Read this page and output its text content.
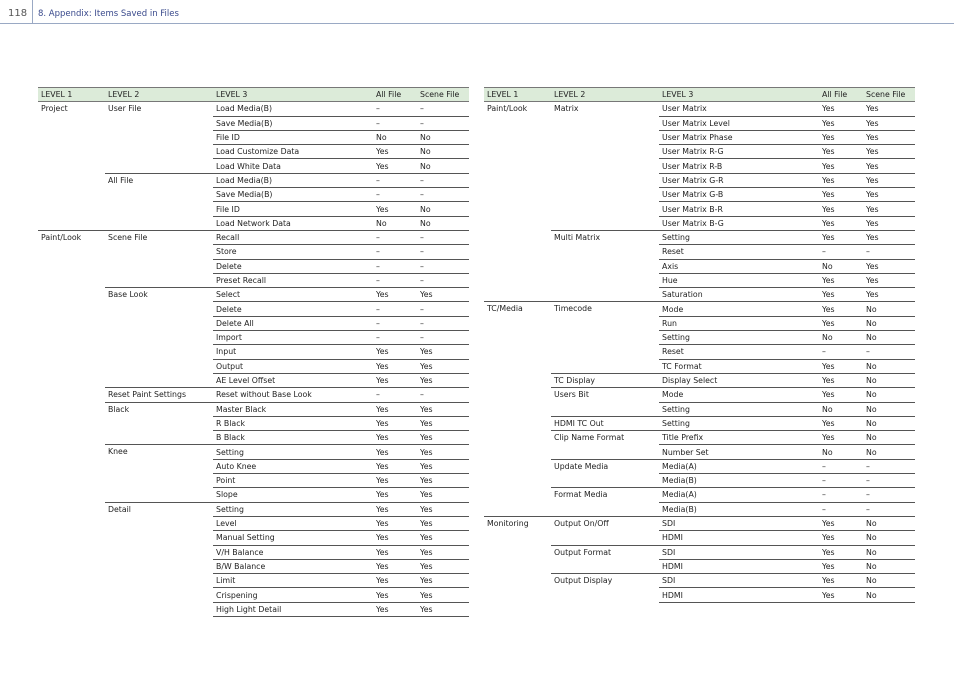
118 8. Appendix: Items Saved in Files
LEVEL 1	LEVEL 2	LEVEL 3	All File	Scene File
Project	User File	Load Media(B)	–	–
		Save Media(B)	–	–
		File ID	No	No
		Load Customize Data	Yes	No
		Load White Data	Yes	No
	All File	Load Media(B)	–	–
		Save Media(B)	–	–
		File ID	Yes	No
		Load Network Data	No	No
Paint/Look	Scene File	Recall	–	–
		Store	–	–
		Delete	–	–
		Preset Recall	–	–
	Base Look	Select	Yes	Yes
		Delete	–	–
		Delete All	–	–
		Import	–	–
		Input	Yes	Yes
		Output	Yes	Yes
		AE Level Offset	Yes	Yes
	Reset Paint Settings	Reset without Base Look	–	–
	Black	Master Black	Yes	Yes
		R Black	Yes	Yes
		B Black	Yes	Yes
	Knee	Setting	Yes	Yes
		Auto Knee	Yes	Yes
		Point	Yes	Yes
		Slope	Yes	Yes
	Detail	Setting	Yes	Yes
		Level	Yes	Yes
		Manual Setting	Yes	Yes
		V/H Balance	Yes	Yes
		B/W Balance	Yes	Yes
		Limit	Yes	Yes
		Crispening	Yes	Yes
		High Light Detail	Yes	Yes
LEVEL 1	LEVEL 2	LEVEL 3	All File	Scene File
Paint/Look	Matrix	User Matrix	Yes	Yes
		User Matrix Level	Yes	Yes
		User Matrix Phase	Yes	Yes
		User Matrix R-G	Yes	Yes
		User Matrix R-B	Yes	Yes
		User Matrix G-R	Yes	Yes
		User Matrix G-B	Yes	Yes
		User Matrix B-R	Yes	Yes
		User Matrix B-G	Yes	Yes
	Multi Matrix	Setting	Yes	Yes
		Reset	–	–
		Axis	No	Yes
		Hue	Yes	Yes
		Saturation	Yes	Yes
TC/Media	Timecode	Mode	Yes	No
		Run	Yes	No
		Setting	No	No
		Reset	–	–
		TC Format	Yes	No
	TC Display	Display Select	Yes	No
	Users Bit	Mode	Yes	No
		Setting	No	No
	HDMI TC Out	Setting	Yes	No
	Clip Name Format	Title Prefix	Yes	No
		Number Set	No	No
	Update Media	Media(A)	–	–
		Media(B)	–	–
	Format Media	Media(A)	–	–
		Media(B)	–	–
Monitoring	Output On/Off	SDI	Yes	No
		HDMI	Yes	No
	Output Format	SDI	Yes	No
		HDMI	Yes	No
	Output Display	SDI	Yes	No
		HDMI	Yes	No
